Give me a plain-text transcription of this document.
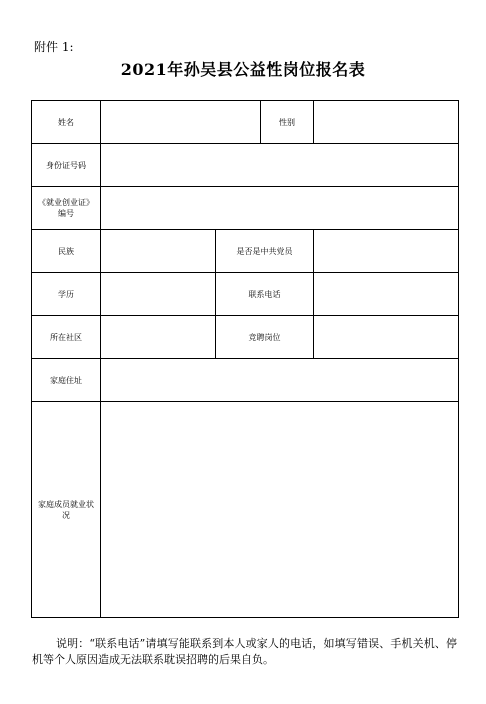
附件 1:
2021年孙吴县公益性岗位报名表
姓名			性别	
身份证号码				
《就业创业证》编号				
民族		是否是中共党员		
学历		联系电话		
所在社区		竞聘岗位		
家庭住址				
家庭成员就业状况				
说明：“联系电话”请填写能联系到本人或家人的电话，如填写错误、手机关机、停机等个人原因造成无法联系耽误招聘的后果自负。
